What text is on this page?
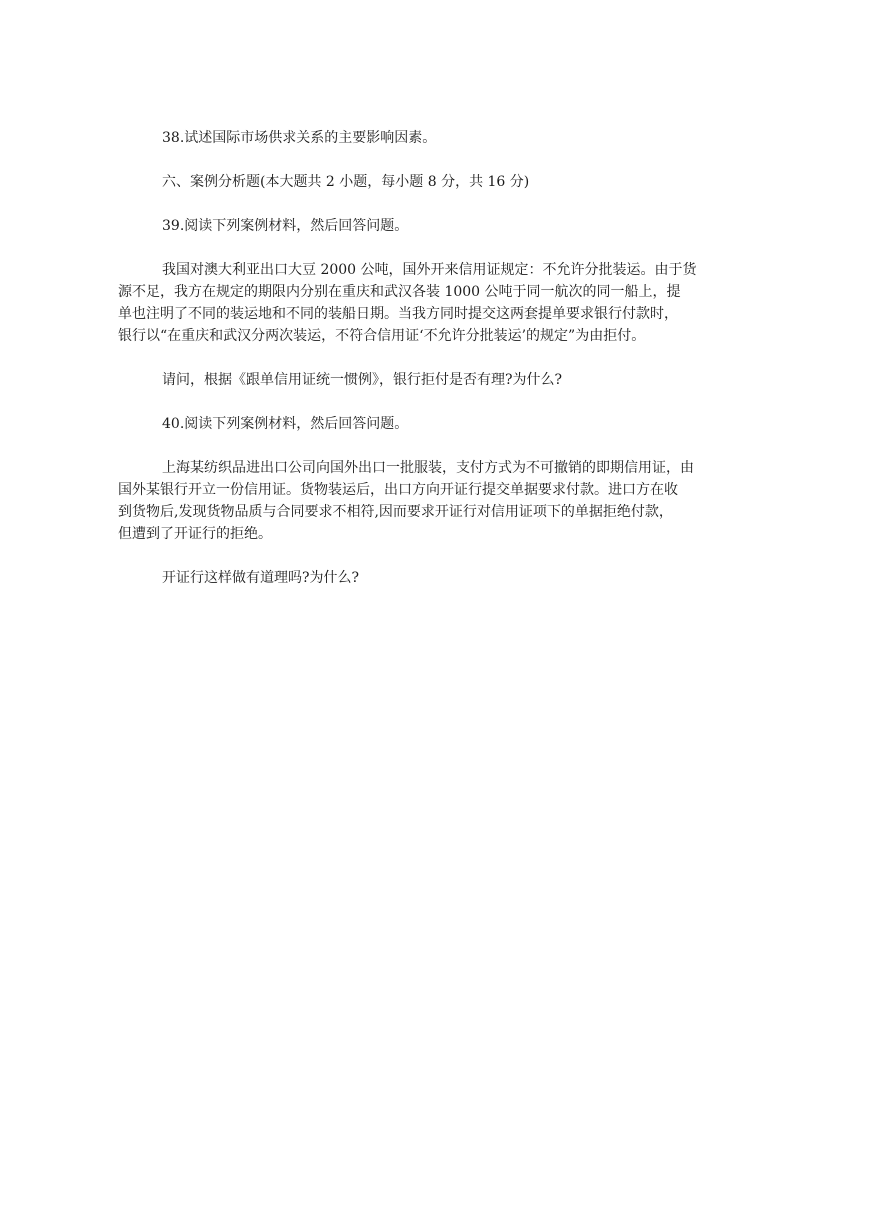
38.试述国际市场供求关系的主要影响因素。

六、案例分析题(本大题共 2 小题，每小题 8 分，共 16 分)

39.阅读下列案例材料，然后回答问题。

我国对澳大利亚出口大豆 2000 公吨，国外开来信用证规定：不允许分批装运。由于货
源不足，我方在规定的期限内分别在重庆和武汉各装 1000 公吨于同一航次的同一船上，提
单也注明了不同的装运地和不同的装船日期。当我方同时提交这两套提单要求银行付款时，
银行以“在重庆和武汉分两次装运，不符合信用证‘不允许分批装运’的规定”为由拒付。

请问，根据《跟单信用证统一惯例》，银行拒付是否有理?为什么?

40.阅读下列案例材料，然后回答问题。

上海某纺织品进出口公司向国外出口一批服装，支付方式为不可撤销的即期信用证，由
国外某银行开立一份信用证。货物装运后，出口方向开证行提交单据要求付款。进口方在收
到货物后,发现货物品质与合同要求不相符,因而要求开证行对信用证项下的单据拒绝付款，
但遭到了开证行的拒绝。

开证行这样做有道理吗?为什么?
